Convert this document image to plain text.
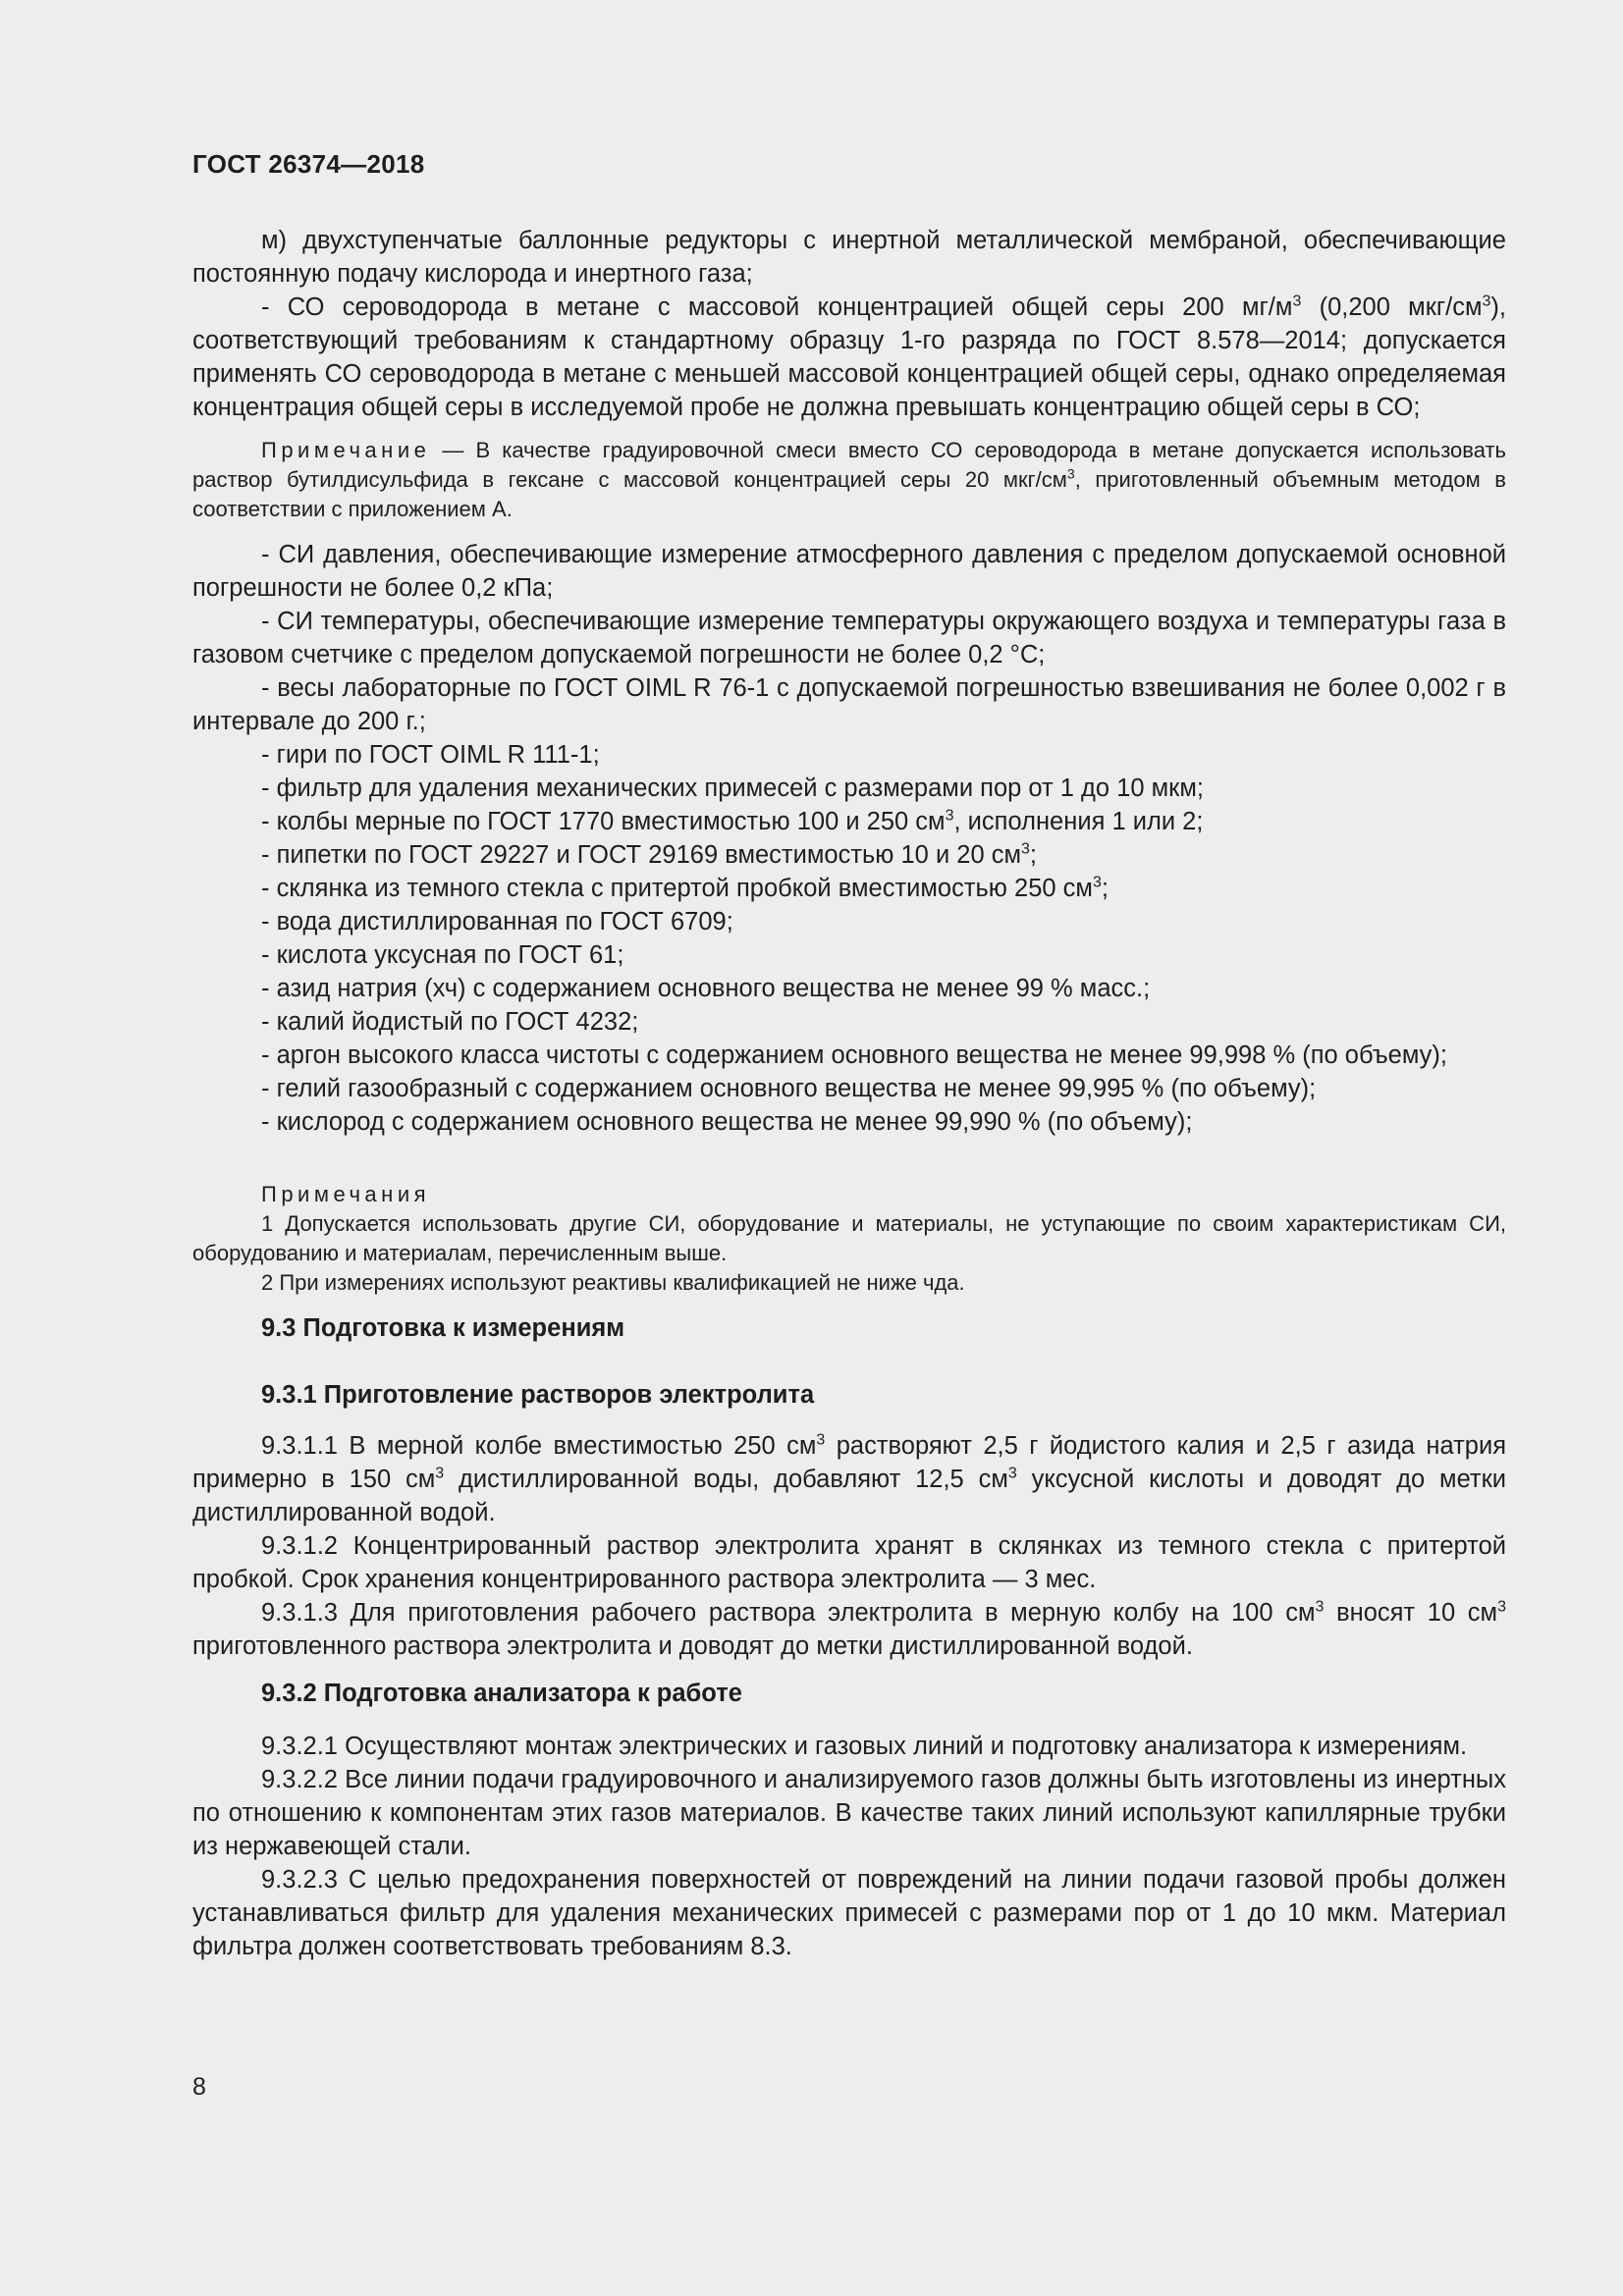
ГОСТ 26374—2018

м) двухступенчатые баллонные редукторы с инертной металлической мембраной, обеспечивающие постоянную подачу кислорода и инертного газа;

- СО сероводорода в метане с массовой концентрацией общей серы 200 $мг/м^3$ (0,200 мкг/$см^3$), соответствующий требованиям к стандартному образцу 1-го разряда по ГОСТ 8.578—2014; допускается применять СО сероводорода в метане с меньшей массовой концентрацией общей серы, однако определяемая концентрация общей серы в исследуемой пробе не должна превышать концентрацию общей серы в СО;

Примечание — В качестве градуировочной смеси вместо СО сероводорода в метане допускается использовать раствор бутилдисульфида в гексане с массовой концентрацией серы 20 мкг/$см^3$, приготовленный объемным методом в соответствии с приложением А.

- СИ давления, обеспечивающие измерение атмосферного давления с пределом допускаемой основной погрешности не более 0,2 кПа;

- СИ температуры, обеспечивающие измерение температуры окружающего воздуха и температуры газа в газовом счетчике с пределом допускаемой погрешности не более 0,2 °С;

- весы лабораторные по ГОСТ OIML R 76-1 с допускаемой погрешностью взвешивания не более 0,002 г в интервале до 200 г.;

- гири по ГОСТ OIML R 111-1;

- фильтр для удаления механических примесей с размерами пор от 1 до 10 мкм;

- колбы мерные по ГОСТ 1770 вместимостью 100 и 250 $см^3$, исполнения 1 или 2;

- пипетки по ГОСТ 29227 и ГОСТ 29169 вместимостью 10 и 20 $см^3$;

- склянка из темного стекла с притертой пробкой вместимостью 250 $см^3$;

- вода дистиллированная по ГОСТ 6709;

- кислота уксусная по ГОСТ 61;

- азид натрия (хч) с содержанием основного вещества не менее 99 % масс.;

- калий йодистый по ГОСТ 4232;

- аргон высокого класса чистоты с содержанием основного вещества не менее 99,998 % (по объему);

- гелий газообразный с содержанием основного вещества не менее 99,995 % (по объему);

- кислород с содержанием основного вещества не менее 99,990 % (по объему);

Примечания

1 Допускается использовать другие СИ, оборудование и материалы, не уступающие по своим характеристикам СИ, оборудованию и материалам, перечисленным выше.

2 При измерениях используют реактивы квалификацией не ниже чда.

9.3 Подготовка к измерениям

9.3.1 Приготовление растворов электролита

9.3.1.1 В мерной колбе вместимостью 250 $см^3$ растворяют 2,5 г йодистого калия и 2,5 г азида натрия примерно в 150 $см^3$ дистиллированной воды, добавляют 12,5 $см^3$ уксусной кислоты и доводят до метки дистиллированной водой.

9.3.1.2 Концентрированный раствор электролита хранят в склянках из темного стекла с притертой пробкой. Срок хранения концентрированного раствора электролита — 3 мес.

9.3.1.3 Для приготовления рабочего раствора электролита в мерную колбу на 100 $см^3$ вносят 10 $см^3$ приготовленного раствора электролита и доводят до метки дистиллированной водой.

9.3.2 Подготовка анализатора к работе

9.3.2.1 Осуществляют монтаж электрических и газовых линий и подготовку анализатора к измерениям.

9.3.2.2 Все линии подачи градуировочного и анализируемого газов должны быть изготовлены из инертных по отношению к компонентам этих газов материалов. В качестве таких линий используют капиллярные трубки из нержавеющей стали.

9.3.2.3 С целью предохранения поверхностей от повреждений на линии подачи газовой пробы должен устанавливаться фильтр для удаления механических примесей с размерами пор от 1 до 10 мкм. Материал фильтра должен соответствовать требованиям 8.3.

8
